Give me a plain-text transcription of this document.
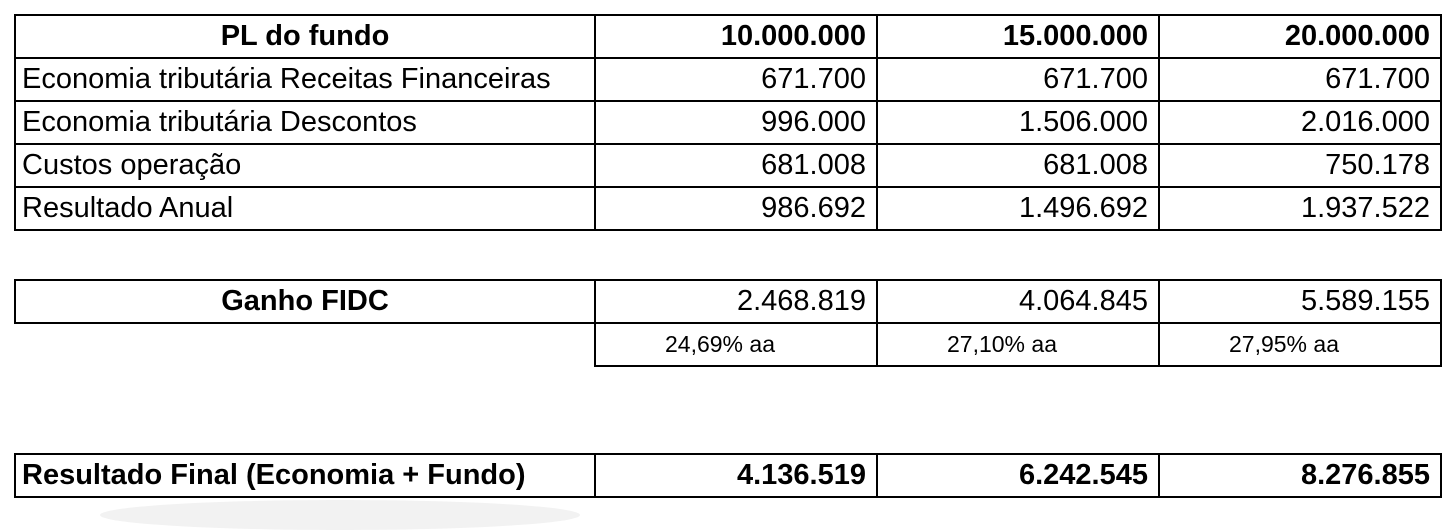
PL do fundo	10.000.000	15.000.000	20.000.000
Economia tributária Receitas Financeiras	671.700	671.700	671.700
Economia tributária Descontos	996.000	1.506.000	2.016.000
Custos operação	681.008	681.008	750.178
Resultado Anual	986.692	1.496.692	1.937.522
Ganho FIDC	2.468.819	4.064.845	5.589.155
	24,69% aa	27,10% aa	27,95% aa
Resultado Final (Economia + Fundo)	4.136.519	6.242.545	8.276.855
